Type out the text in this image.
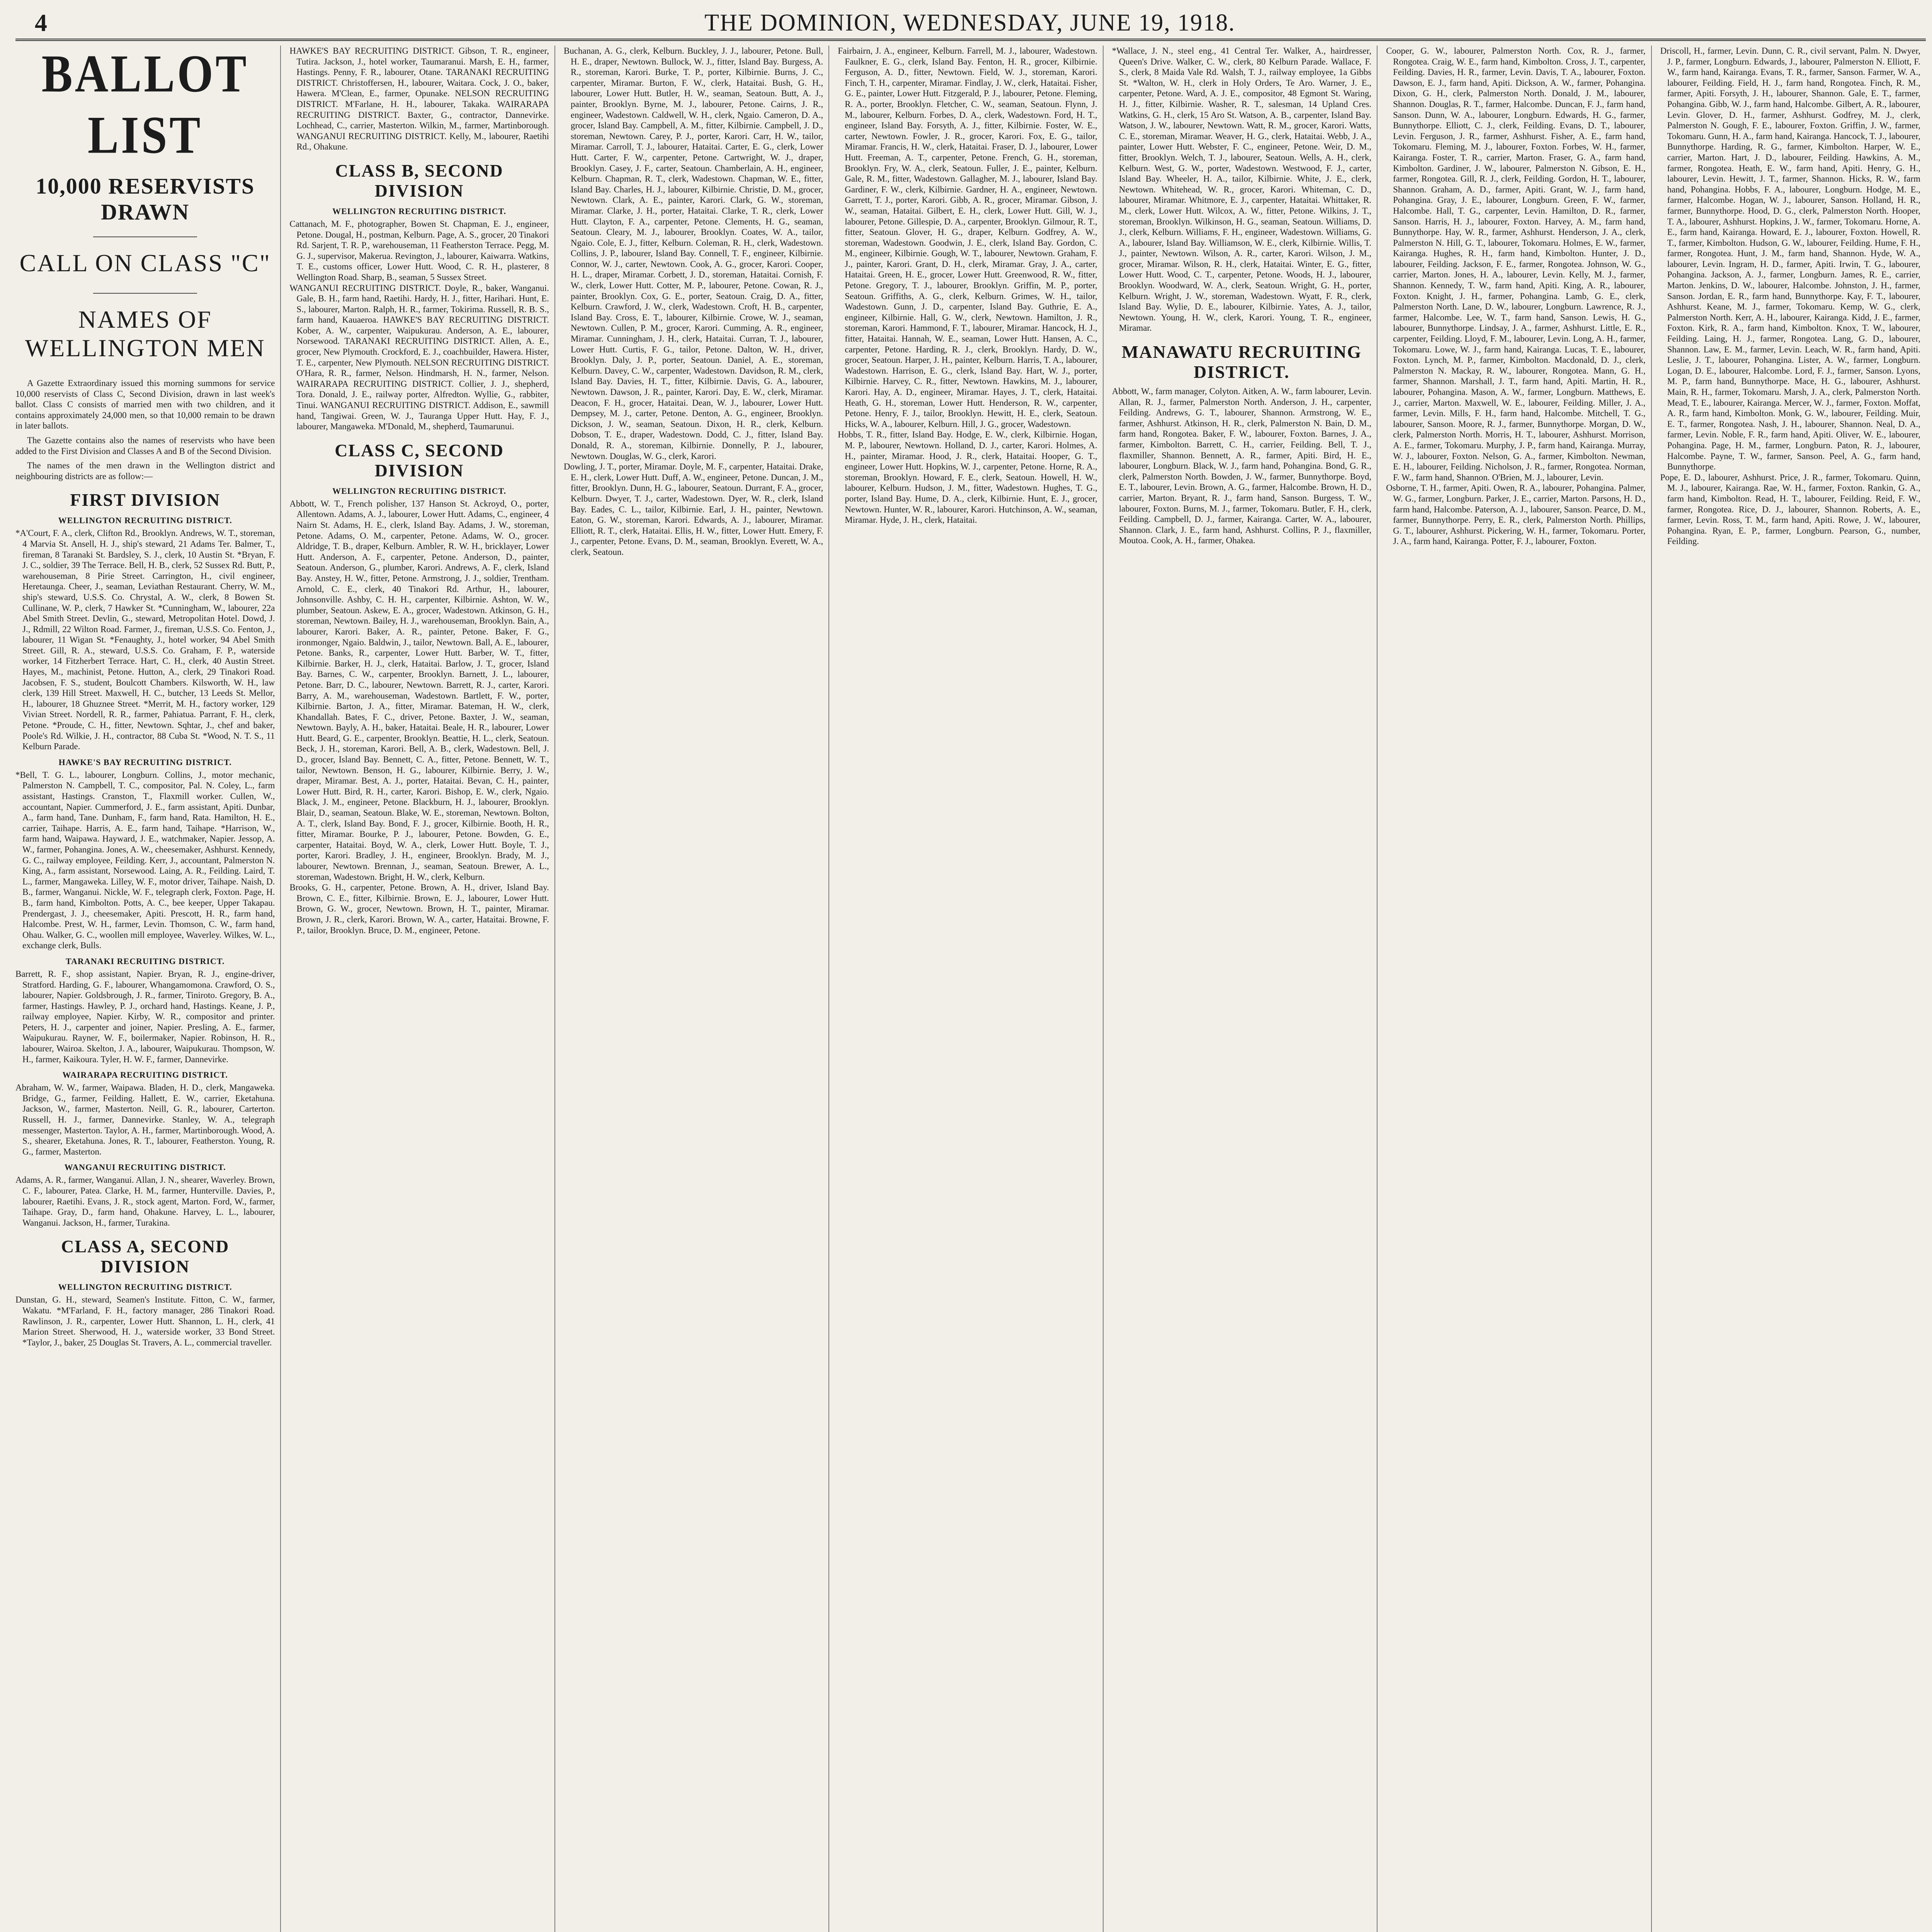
4	THE DOMINION, WEDNESDAY, JUNE 19, 1918.
BALLOT LIST
10,000 RESERVISTS DRAWN
CALL ON CLASS "C"
NAMES OF WELLINGTON MEN

A Gazette Extraordinary issued this morning summons for service 10,000 reservists of Class C, Second Division, drawn in last week's ballot. Class C consists of married men with two children, and it contains approximately 24,000 men, so that 10,000 remain to be drawn in later ballots.

The Gazette contains also the names of reservists who have been added to the First Division and Classes A and B of the Second Division.

The names of the men drawn in the Wellington district and neighbouring districts are as follow:—

FIRST DIVISION
WELLINGTON RECRUITING DISTRICT.

*A'Court, F. A., clerk, Clifton Rd., Brooklyn. Andrews, W. T., storeman, 4 Marvia St. Ansell, H. J., ship's steward, 21 Adams Ter. Balmer, T., fireman, 8 Taranaki St. Bardsley, S. J., clerk, 10 Austin St. *Bryan, F. J. C., soldier, 39 The Terrace. Bell, H. B., clerk, 52 Sussex Rd. Butt, P., warehouseman, 8 Pirie Street. Carrington, H., civil engineer, Heretaunga. Cheer, J., seaman, Leviathan Restaurant. Cherry, W. M., ship's steward, U.S.S. Co. Chrystal, A. W., clerk, 8 Bowen St. Cullinane, W. P., clerk, 7 Hawker St. *Cunningham, W., labourer, 22a Abel Smith Street. Devlin, G., steward, Metropolitan Hotel. Dowd, J. J., Rdmill, 22 Wilton Road. Farmer, J., fireman, U.S.S. Co. Fenton, J., labourer, 11 Wigan St. *Fenaughty, J., hotel worker, 94 Abel Smith Street. Gill, R. A., steward, U.S.S. Co. Graham, F. P., waterside worker, 14 Fitzherbert Terrace. Hart, C. H., clerk, 40 Austin Street. Hayes, M., machinist, Petone. Hutton, A., clerk, 29 Tinakori Road. Jacobsen, F. S., student, Boulcott Chambers. Kilsworth, W. H., law clerk, 139 Hill Street. Maxwell, H. C., butcher, 13 Leeds St. Mellor, H., labourer, 18 Ghuznee Street. *Merrit, M. H., factory worker, 129 Vivian Street. Nordell, R. R., farmer, Pahiatua. Parrant, F. H., clerk, Petone. *Proude, C. H., fitter, Newtown. Sqhtar, J., chef and baker, Poole's Rd. Wilkie, J. H., contractor, 88 Cuba St. *Wood, N. T. S., 11 Kelburn Parade.

HAWKE'S BAY RECRUITING DISTRICT.

*Bell, T. G. L., labourer, Longburn. Collins, J., motor mechanic, Palmerston N. Campbell, T. C., compositor, Pal. N. Coley, L., farm assistant, Hastings. Cranston, T., Flaxmill worker. Cullen, W., accountant, Napier. Cummerford, J. E., farm assistant, Apiti. Dunbar, A., farm hand, Tane. Dunham, F., farm hand, Rata. Hamilton, H. E., carrier, Taihape. Harris, A. E., farm hand, Taihape. *Harrison, W., farm hand, Waipawa. Hayward, J. E., watchmaker, Napier. Jessop, A. W., farmer, Pohangina. Jones, A. W., cheesemaker, Ashhurst. Kennedy, G. C., railway employee, Feilding. Kerr, J., accountant, Palmerston N. King, A., farm assistant, Norsewood. Laing, A. R., Feilding. Laird, T. L., farmer, Mangaweka. Lilley, W. F., motor driver, Taihape. Naish, D. B., farmer, Wanganui. Nickle, W. F., telegraph clerk, Foxton. Page, H. B., farm hand, Kimbolton. Potts, A. C., bee keeper, Upper Takapau. Prendergast, J. J., cheesemaker, Apiti. Prescott, H. R., farm hand, Halcombe. Prest, W. H., farmer, Levin. Thomson, C. W., farm hand, Ohau. Walker, G. C., woollen mill employee, Waverley. Wilkes, W. L., exchange clerk, Bulls.

TARANAKI RECRUITING DISTRICT.

Barrett, R. F., shop assistant, Napier. Bryan, R. J., engine-driver, Stratford. Harding, G. F., labourer, Whangamomona. Crawford, O. S., labourer, Napier. Goldsbrough, J. R., farmer, Tiniroto. Gregory, B. A., farmer, Hastings. Hawley, P. J., orchard hand, Hastings. Keane, J. P., railway employee, Napier. Kirby, W. R., compositor and printer. Peters, H. J., carpenter and joiner, Napier. Presling, A. E., farmer, Waipukurau. Rayner, W. F., boilermaker, Napier. Robinson, H. R., labourer, Wairoa. Skelton, J. A., labourer, Waipukurau. Thompson, W. H., farmer, Kaikoura. Tyler, H. W. F., farmer, Dannevirke.

WAIRARAPA RECRUITING DISTRICT.

Abraham, W. W., farmer, Waipawa. Bladen, H. D., clerk, Mangaweka. Bridge, G., farmer, Feilding. Hallett, E. W., carrier, Eketahuna. Jackson, W., farmer, Masterton. Neill, G. R., labourer, Carterton. Russell, H. J., farmer, Dannevirke. Stanley, W. A., telegraph messenger, Masterton. Taylor, A. H., farmer, Martinborough. Wood, A. S., shearer, Eketahuna. Jones, R. T., labourer, Featherston. Young, R. G., farmer, Masterton.

WANGANUI RECRUITING DISTRICT.

Adams, A. R., farmer, Wanganui. Allan, J. N., shearer, Waverley. Brown, C. F., labourer, Patea. Clarke, H. M., farmer, Hunterville. Davies, P., labourer, Raetihi. Evans, J. R., stock agent, Marton. Ford, W., farmer, Taihape. Gray, D., farm hand, Ohakune. Harvey, L. L., labourer, Wanganui. Jackson, H., farmer, Turakina.

CLASS A, SECOND DIVISION
WELLINGTON RECRUITING DISTRICT.

Dunstan, G. H., steward, Seamen's Institute. Fitton, C. W., farmer, Wakatu. *M'Farland, F. H., factory manager, 286 Tinakori Road. Rawlinson, J. R., carpenter, Lower Hutt. Shannon, L. H., clerk, 41 Marion Street. Sherwood, H. J., waterside worker, 33 Bond Street. *Taylor, J., baker, 25 Douglas St. Travers, A. L., commercial traveller.

HAWKE'S BAY RECRUITING DISTRICT. Gibson, T. R., engineer, Tutira. Jackson, J., hotel worker, Taumaranui. Marsh, E. H., farmer, Hastings. Penny, F. R., labourer, Otane. TARANAKI RECRUITING DISTRICT. Christoffersen, H., labourer, Waitara. Cock, J. O., baker, Hawera. M'Clean, E., farmer, Opunake. NELSON RECRUITING DISTRICT. M'Farlane, H. H., labourer, Takaka. WAIRARAPA RECRUITING DISTRICT. Baxter, G., contractor, Dannevirke. Lochhead, C., carrier, Masterton. Wilkin, M., farmer, Martinborough. WANGANUI RECRUITING DISTRICT. Kelly, M., labourer, Raetihi Rd., Ohakune.

CLASS B, SECOND DIVISION
WELLINGTON RECRUITING DISTRICT.

Cattanach, M. F., photographer, Bowen St. Chapman, E. J., engineer, Petone. Dougal, H., postman, Kelburn. Page, A. S., grocer, 20 Tinakori Rd. Sarjent, T. R. P., warehouseman, 11 Featherston Terrace. Pegg, M. G. J., supervisor, Makerua. Revington, J., labourer, Kaiwarra. Watkins, T. E., customs officer, Lower Hutt. Wood, C. R. H., plasterer, 8 Wellington Road. Sharp, B., seaman, 5 Sussex Street.

WANGANUI RECRUITING DISTRICT. Doyle, R., baker, Wanganui. Gale, B. H., farm hand, Raetihi. Hardy, H. J., fitter, Harihari. Hunt, E. S., labourer, Marton. Ralph, H. R., farmer, Tokirima. Russell, R. B. S., farm hand, Kauaeroa. HAWKE'S BAY RECRUITING DISTRICT. Kober, A. W., carpenter, Waipukurau. Anderson, A. E., labourer, Norsewood. TARANAKI RECRUITING DISTRICT. Allen, A. E., grocer, New Plymouth. Crockford, E. J., coachbuilder, Hawera. Hister, T. E., carpenter, New Plymouth. NELSON RECRUITING DISTRICT. O'Hara, R. R., farmer, Nelson. Hindmarsh, H. N., farmer, Nelson. WAIRARAPA RECRUITING DISTRICT. Collier, J. J., shepherd, Tora. Donald, J. E., railway porter, Alfredton. Wyllie, G., rabbiter, Tinui. WANGANUI RECRUITING DISTRICT. Addison, E., sawmill hand, Tangiwai. Green, W. J., Tauranga Upper Hutt. Hay, F. J., labourer, Mangaweka. M'Donald, M., shepherd, Taumarunui.

CLASS C, SECOND DIVISION
WELLINGTON RECRUITING DISTRICT.

Abbott, W. T., French polisher, 137 Hanson St. Ackroyd, O., porter, Allentown. Adams, A. J., labourer, Lower Hutt. Adams, C., engineer, 4 Nairn St. Adams, H. E., clerk, Island Bay. Adams, J. W., storeman, Petone. Adams, O. M., carpenter, Petone. Adams, W. O., grocer. Aldridge, T. B., draper, Kelburn. Ambler, R. W. H., bricklayer, Lower Hutt. Anderson, A. F., carpenter, Petone. Anderson, D., painter, Seatoun. Anderson, G., plumber, Karori. Andrews, A. F., clerk, Island Bay. Anstey, H. W., fitter, Petone. Armstrong, J. J., soldier, Trentham. Arnold, C. E., clerk, 40 Tinakori Rd. Arthur, H., labourer, Johnsonville. Ashby, C. H. H., carpenter, Kilbirnie. Ashton, W. W., plumber, Seatoun. Askew, E. A., grocer, Wadestown. Atkinson, G. H., storeman, Newtown. Bailey, H. J., warehouseman, Brooklyn. Bain, A., labourer, Karori. Baker, A. R., painter, Petone. Baker, F. G., ironmonger, Ngaio. Baldwin, J., tailor, Newtown. Ball, A. E., labourer, Petone. Banks, R., carpenter, Lower Hutt. Barber, W. T., fitter, Kilbirnie. Barker, H. J., clerk, Hataitai. Barlow, J. T., grocer, Island Bay. Barnes, C. W., carpenter, Brooklyn. Barnett, J. L., labourer, Petone. Barr, D. C., labourer, Newtown. Barrett, R. J., carter, Karori. Barry, A. M., warehouseman, Wadestown. Bartlett, F. W., porter, Kilbirnie. Barton, J. A., fitter, Miramar. Bateman, H. W., clerk, Khandallah. Bates, F. C., driver, Petone. Baxter, J. W., seaman, Newtown. Bayly, A. H., baker, Hataitai. Beale, H. R., labourer, Lower Hutt. Beard, G. E., carpenter, Brooklyn. Beattie, H. L., clerk, Seatoun. Beck, J. H., storeman, Karori. Bell, A. B., clerk, Wadestown. Bell, J. D., grocer, Island Bay. Bennett, C. A., fitter, Petone. Bennett, W. T., tailor, Newtown. Benson, H. G., labourer, Kilbirnie. Berry, J. W., draper, Miramar. Best, A. J., porter, Hataitai. Bevan, C. H., painter, Lower Hutt. Bird, R. H., carter, Karori. Bishop, E. W., clerk, Ngaio. Black, J. M., engineer, Petone. Blackburn, H. J., labourer, Brooklyn. Blair, D., seaman, Seatoun. Blake, W. E., storeman, Newtown. Bolton, A. T., clerk, Island Bay. Bond, F. J., grocer, Kilbirnie. Booth, H. R., fitter, Miramar. Bourke, P. J., labourer, Petone. Bowden, G. E., carpenter, Hataitai. Boyd, W. A., clerk, Lower Hutt. Boyle, T. J., porter, Karori. Bradley, J. H., engineer, Brooklyn. Brady, M. J., labourer, Newtown. Brennan, J., seaman, Seatoun. Brewer, A. L., storeman, Wadestown. Bright, H. W., clerk, Kelburn.

Brooks, G. H., carpenter, Petone. Brown, A. H., driver, Island Bay. Brown, C. E., fitter, Kilbirnie. Brown, E. J., labourer, Lower Hutt. Brown, G. W., grocer, Newtown. Brown, H. T., painter, Miramar. Brown, J. R., clerk, Karori. Brown, W. A., carter, Hataitai. Browne, F. P., tailor, Brooklyn. Bruce, D. M., engineer, Petone.

Buchanan, A. G., clerk, Kelburn. Buckley, J. J., labourer, Petone. Bull, H. E., draper, Newtown. Bullock, W. J., fitter, Island Bay. Burgess, A. R., storeman, Karori. Burke, T. P., porter, Kilbirnie. Burns, J. C., carpenter, Miramar. Burton, F. W., clerk, Hataitai. Bush, G. H., labourer, Lower Hutt. Butler, H. W., seaman, Seatoun. Butt, A. J., painter, Brooklyn. Byrne, M. J., labourer, Petone. Cairns, J. R., engineer, Wadestown. Caldwell, W. H., clerk, Ngaio. Cameron, D. A., grocer, Island Bay. Campbell, A. M., fitter, Kilbirnie. Campbell, J. D., storeman, Newtown. Carey, P. J., porter, Karori. Carr, H. W., tailor, Miramar. Carroll, T. J., labourer, Hataitai. Carter, E. G., clerk, Lower Hutt. Carter, F. W., carpenter, Petone. Cartwright, W. J., draper, Brooklyn. Casey, J. F., carter, Seatoun. Chamberlain, A. H., engineer, Kelburn. Chapman, R. T., clerk, Wadestown. Chapman, W. E., fitter, Island Bay. Charles, H. J., labourer, Kilbirnie. Christie, D. M., grocer, Newtown. Clark, A. E., painter, Karori. Clark, G. W., storeman, Miramar. Clarke, J. H., porter, Hataitai. Clarke, T. R., clerk, Lower Hutt. Clayton, F. A., carpenter, Petone. Clements, H. G., seaman, Seatoun. Cleary, M. J., labourer, Brooklyn. Coates, W. A., tailor, Ngaio. Cole, E. J., fitter, Kelburn. Coleman, R. H., clerk, Wadestown. Collins, J. P., labourer, Island Bay. Connell, T. F., engineer, Kilbirnie. Connor, W. J., carter, Newtown. Cook, A. G., grocer, Karori. Cooper, H. L., draper, Miramar. Corbett, J. D., storeman, Hataitai. Cornish, F. W., clerk, Lower Hutt. Cotter, M. P., labourer, Petone. Cowan, R. J., painter, Brooklyn. Cox, G. E., porter, Seatoun. Craig, D. A., fitter, Kelburn. Crawford, J. W., clerk, Wadestown. Croft, H. B., carpenter, Island Bay. Cross, E. T., labourer, Kilbirnie. Crowe, W. J., seaman, Newtown. Cullen, P. M., grocer, Karori. Cumming, A. R., engineer, Miramar. Cunningham, J. H., clerk, Hataitai. Curran, T. J., labourer, Lower Hutt. Curtis, F. G., tailor, Petone. Dalton, W. H., driver, Brooklyn. Daly, J. P., porter, Seatoun. Daniel, A. E., storeman, Kelburn. Davey, C. W., carpenter, Wadestown. Davidson, R. M., clerk, Island Bay. Davies, H. T., fitter, Kilbirnie. Davis, G. A., labourer, Newtown. Dawson, J. R., painter, Karori. Day, E. W., clerk, Miramar. Deacon, F. H., grocer, Hataitai. Dean, W. J., labourer, Lower Hutt. Dempsey, M. J., carter, Petone. Denton, A. G., engineer, Brooklyn. Dickson, J. W., seaman, Seatoun. Dixon, H. R., clerk, Kelburn. Dobson, T. E., draper, Wadestown. Dodd, C. J., fitter, Island Bay. Donald, R. A., storeman, Kilbirnie. Donnelly, P. J., labourer, Newtown. Douglas, W. G., clerk, Karori.

Dowling, J. T., porter, Miramar. Doyle, M. F., carpenter, Hataitai. Drake, E. H., clerk, Lower Hutt. Duff, A. W., engineer, Petone. Duncan, J. M., fitter, Brooklyn. Dunn, H. G., labourer, Seatoun. Durrant, F. A., grocer, Kelburn. Dwyer, T. J., carter, Wadestown. Dyer, W. R., clerk, Island Bay. Eades, C. L., tailor, Kilbirnie. Earl, J. H., painter, Newtown. Eaton, G. W., storeman, Karori. Edwards, A. J., labourer, Miramar. Elliott, R. T., clerk, Hataitai. Ellis, H. W., fitter, Lower Hutt. Emery, F. J., carpenter, Petone. Evans, D. M., seaman, Brooklyn. Everett, W. A., clerk, Seatoun.

Fairbairn, J. A., engineer, Kelburn. Farrell, M. J., labourer, Wadestown. Faulkner, E. G., clerk, Island Bay. Fenton, H. R., grocer, Kilbirnie. Ferguson, A. D., fitter, Newtown. Field, W. J., storeman, Karori. Finch, T. H., carpenter, Miramar. Findlay, J. W., clerk, Hataitai. Fisher, G. E., painter, Lower Hutt. Fitzgerald, P. J., labourer, Petone. Fleming, R. A., porter, Brooklyn. Fletcher, C. W., seaman, Seatoun. Flynn, J. M., labourer, Kelburn. Forbes, D. A., clerk, Wadestown. Ford, H. T., engineer, Island Bay. Forsyth, A. J., fitter, Kilbirnie. Foster, W. E., carter, Newtown. Fowler, J. R., grocer, Karori. Fox, E. G., tailor, Miramar. Francis, H. W., clerk, Hataitai. Fraser, D. J., labourer, Lower Hutt. Freeman, A. T., carpenter, Petone. French, G. H., storeman, Brooklyn. Fry, W. A., clerk, Seatoun. Fuller, J. E., painter, Kelburn. Gale, R. M., fitter, Wadestown. Gallagher, M. J., labourer, Island Bay. Gardiner, F. W., clerk, Kilbirnie. Gardner, H. A., engineer, Newtown. Garrett, T. J., porter, Karori. Gibb, A. R., grocer, Miramar. Gibson, J. W., seaman, Hataitai. Gilbert, E. H., clerk, Lower Hutt. Gill, W. J., labourer, Petone. Gillespie, D. A., carpenter, Brooklyn. Gilmour, R. T., fitter, Seatoun. Glover, H. G., draper, Kelburn. Godfrey, A. W., storeman, Wadestown. Goodwin, J. E., clerk, Island Bay. Gordon, C. M., engineer, Kilbirnie. Gough, W. T., labourer, Newtown. Graham, F. J., painter, Karori. Grant, D. H., clerk, Miramar. Gray, J. A., carter, Hataitai. Green, H. E., grocer, Lower Hutt. Greenwood, R. W., fitter, Petone. Gregory, T. J., labourer, Brooklyn. Griffin, M. P., porter, Seatoun. Griffiths, A. G., clerk, Kelburn. Grimes, W. H., tailor, Wadestown. Gunn, J. D., carpenter, Island Bay. Guthrie, E. A., engineer, Kilbirnie. Hall, G. W., clerk, Newtown. Hamilton, J. R., storeman, Karori. Hammond, F. T., labourer, Miramar. Hancock, H. J., fitter, Hataitai. Hannah, W. E., seaman, Lower Hutt. Hansen, A. C., carpenter, Petone. Harding, R. J., clerk, Brooklyn. Hardy, D. W., grocer, Seatoun. Harper, J. H., painter, Kelburn. Harris, T. A., labourer, Wadestown. Harrison, E. G., clerk, Island Bay. Hart, W. J., porter, Kilbirnie. Harvey, C. R., fitter, Newtown. Hawkins, M. J., labourer, Karori. Hay, A. D., engineer, Miramar. Hayes, J. T., clerk, Hataitai. Heath, G. H., storeman, Lower Hutt. Henderson, R. W., carpenter, Petone. Henry, F. J., tailor, Brooklyn. Hewitt, H. E., clerk, Seatoun. Hicks, W. A., labourer, Kelburn. Hill, J. G., grocer, Wadestown.

Hobbs, T. R., fitter, Island Bay. Hodge, E. W., clerk, Kilbirnie. Hogan, M. P., labourer, Newtown. Holland, D. J., carter, Karori. Holmes, A. H., painter, Miramar. Hood, J. R., clerk, Hataitai. Hooper, G. T., engineer, Lower Hutt. Hopkins, W. J., carpenter, Petone. Horne, R. A., storeman, Brooklyn. Howard, F. E., clerk, Seatoun. Howell, H. W., labourer, Kelburn. Hudson, J. M., fitter, Wadestown. Hughes, T. G., porter, Island Bay. Hume, D. A., clerk, Kilbirnie. Hunt, E. J., grocer, Newtown. Hunter, W. R., labourer, Karori. Hutchinson, A. W., seaman, Miramar. Hyde, J. H., clerk, Hataitai.

*Wallace, J. N., steel eng., 41 Central Ter. Walker, A., hairdresser, Queen's Drive. Walker, C. W., clerk, 80 Kelburn Parade. Wallace, F. S., clerk, 8 Maida Vale Rd. Walsh, T. J., railway employee, 1a Gibbs St. *Walton, W. H., clerk in Holy Orders, Te Aro. Warner, J. E., carpenter, Petone. Ward, A. J. E., compositor, 48 Egmont St. Waring, H. J., fitter, Kilbirnie. Washer, R. T., salesman, 14 Upland Cres. Watkins, G. H., clerk, 15 Aro St. Watson, A. B., carpenter, Island Bay. Watson, J. W., labourer, Newtown. Watt, R. M., grocer, Karori. Watts, C. E., storeman, Miramar. Weaver, H. G., clerk, Hataitai. Webb, J. A., painter, Lower Hutt. Webster, F. C., engineer, Petone. Weir, D. M., fitter, Brooklyn. Welch, T. J., labourer, Seatoun. Wells, A. H., clerk, Kelburn. West, G. W., porter, Wadestown. Westwood, F. J., carter, Island Bay. Wheeler, H. A., tailor, Kilbirnie. White, J. E., clerk, Newtown. Whitehead, W. R., grocer, Karori. Whiteman, C. D., labourer, Miramar. Whitmore, E. J., carpenter, Hataitai. Whittaker, R. M., clerk, Lower Hutt. Wilcox, A. W., fitter, Petone. Wilkins, J. T., storeman, Brooklyn. Wilkinson, H. G., seaman, Seatoun. Williams, D. J., clerk, Kelburn. Williams, F. H., engineer, Wadestown. Williams, G. A., labourer, Island Bay. Williamson, W. E., clerk, Kilbirnie. Willis, T. J., painter, Newtown. Wilson, A. R., carter, Karori. Wilson, J. M., grocer, Miramar. Wilson, R. H., clerk, Hataitai. Winter, E. G., fitter, Lower Hutt. Wood, C. T., carpenter, Petone. Woods, H. J., labourer, Brooklyn. Woodward, W. A., clerk, Seatoun. Wright, G. H., porter, Kelburn. Wright, J. W., storeman, Wadestown. Wyatt, F. R., clerk, Island Bay. Wylie, D. E., labourer, Kilbirnie. Yates, A. J., tailor, Newtown. Young, H. W., clerk, Karori. Young, T. R., engineer, Miramar.

MANAWATU RECRUITING DISTRICT.

Abbott, W., farm manager, Colyton. Aitken, A. W., farm labourer, Levin. Allan, R. J., farmer, Palmerston North. Anderson, J. H., carpenter, Feilding. Andrews, G. T., labourer, Shannon. Armstrong, W. E., farmer, Ashhurst. Atkinson, H. R., clerk, Palmerston N. Bain, D. M., farm hand, Rongotea. Baker, F. W., labourer, Foxton. Barnes, J. A., farmer, Kimbolton. Barrett, C. H., carrier, Feilding. Bell, T. J., flaxmiller, Shannon. Bennett, A. R., farmer, Apiti. Bird, H. E., labourer, Longburn. Black, W. J., farm hand, Pohangina. Bond, G. R., clerk, Palmerston North. Bowden, J. W., farmer, Bunnythorpe. Boyd, E. T., labourer, Levin. Brown, A. G., farmer, Halcombe. Brown, H. D., carrier, Marton. Bryant, R. J., farm hand, Sanson. Burgess, T. W., labourer, Foxton. Burns, M. J., farmer, Tokomaru. Butler, F. H., clerk, Feilding. Campbell, D. J., farmer, Kairanga. Carter, W. A., labourer, Shannon. Clark, J. E., farm hand, Ashhurst. Collins, P. J., flaxmiller, Moutoa. Cook, A. H., farmer, Ohakea.

Cooper, G. W., labourer, Palmerston North. Cox, R. J., farmer, Rongotea. Craig, W. E., farm hand, Kimbolton. Cross, J. T., carpenter, Feilding. Davies, H. R., farmer, Levin. Davis, T. A., labourer, Foxton. Dawson, E. J., farm hand, Apiti. Dickson, A. W., farmer, Pohangina. Dixon, G. H., clerk, Palmerston North. Donald, J. M., labourer, Shannon. Douglas, R. T., farmer, Halcombe. Duncan, F. J., farm hand, Sanson. Dunn, W. A., labourer, Longburn. Edwards, H. G., farmer, Bunnythorpe. Elliott, C. J., clerk, Feilding. Evans, D. T., labourer, Levin. Ferguson, J. R., farmer, Ashhurst. Fisher, A. E., farm hand, Tokomaru. Fleming, M. J., labourer, Foxton. Forbes, W. H., farmer, Kairanga. Foster, T. R., carrier, Marton. Fraser, G. A., farm hand, Kimbolton. Gardiner, J. W., labourer, Palmerston N. Gibson, E. H., farmer, Rongotea. Gill, R. J., clerk, Feilding. Gordon, H. T., labourer, Shannon. Graham, A. D., farmer, Apiti. Grant, W. J., farm hand, Pohangina. Gray, J. E., labourer, Longburn. Green, F. W., farmer, Halcombe. Hall, T. G., carpenter, Levin. Hamilton, D. R., farmer, Sanson. Harris, H. J., labourer, Foxton. Harvey, A. M., farm hand, Bunnythorpe. Hay, W. R., farmer, Ashhurst. Henderson, J. A., clerk, Palmerston N. Hill, G. T., labourer, Tokomaru. Holmes, E. W., farmer, Kairanga. Hughes, R. H., farm hand, Kimbolton. Hunter, J. D., labourer, Feilding. Jackson, F. E., farmer, Rongotea. Johnson, W. G., carrier, Marton. Jones, H. A., labourer, Levin. Kelly, M. J., farmer, Shannon. Kennedy, T. W., farm hand, Apiti. King, A. R., labourer, Foxton. Knight, J. H., farmer, Pohangina. Lamb, G. E., clerk, Palmerston North. Lane, D. W., labourer, Longburn. Lawrence, R. J., farmer, Halcombe. Lee, W. T., farm hand, Sanson. Lewis, H. G., labourer, Bunnythorpe. Lindsay, J. A., farmer, Ashhurst. Little, E. R., carpenter, Feilding. Lloyd, F. M., labourer, Levin. Long, A. H., farmer, Tokomaru. Lowe, W. J., farm hand, Kairanga. Lucas, T. E., labourer, Foxton. Lynch, M. P., farmer, Kimbolton. Macdonald, D. J., clerk, Palmerston N. Mackay, R. W., labourer, Rongotea. Mann, G. H., farmer, Shannon. Marshall, J. T., farm hand, Apiti. Martin, H. R., labourer, Pohangina. Mason, A. W., farmer, Longburn. Matthews, E. J., carrier, Marton. Maxwell, W. E., labourer, Feilding. Miller, J. A., farmer, Levin. Mills, F. H., farm hand, Halcombe. Mitchell, T. G., labourer, Sanson. Moore, R. J., farmer, Bunnythorpe. Morgan, D. W., clerk, Palmerston North. Morris, H. T., labourer, Ashhurst. Morrison, A. E., farmer, Tokomaru. Murphy, J. P., farm hand, Kairanga. Murray, W. J., labourer, Foxton. Nelson, G. A., farmer, Kimbolton. Newman, E. H., labourer, Feilding. Nicholson, J. R., farmer, Rongotea. Norman, F. W., farm hand, Shannon. O'Brien, M. J., labourer, Levin.

Osborne, T. H., farmer, Apiti. Owen, R. A., labourer, Pohangina. Palmer, W. G., farmer, Longburn. Parker, J. E., carrier, Marton. Parsons, H. D., farm hand, Halcombe. Paterson, A. J., labourer, Sanson. Pearce, D. M., farmer, Bunnythorpe. Perry, E. R., clerk, Palmerston North. Phillips, G. T., labourer, Ashhurst. Pickering, W. H., farmer, Tokomaru. Porter, J. A., farm hand, Kairanga. Potter, F. J., labourer, Foxton.

Driscoll, H., farmer, Levin. Dunn, C. R., civil servant, Palm. N. Dwyer, J. P., farmer, Longburn. Edwards, J., labourer, Palmerston N. Elliott, F. W., farm hand, Kairanga. Evans, T. R., farmer, Sanson. Farmer, W. A., labourer, Feilding. Field, H. J., farm hand, Rongotea. Finch, R. M., farmer, Apiti. Forsyth, J. H., labourer, Shannon. Gale, E. T., farmer, Pohangina. Gibb, W. J., farm hand, Halcombe. Gilbert, A. R., labourer, Levin. Glover, D. H., farmer, Ashhurst. Godfrey, M. J., clerk, Palmerston N. Gough, F. E., labourer, Foxton. Griffin, J. W., farmer, Tokomaru. Gunn, H. A., farm hand, Kairanga. Hancock, T. J., labourer, Bunnythorpe. Harding, R. G., farmer, Kimbolton. Harper, W. E., carrier, Marton. Hart, J. D., labourer, Feilding. Hawkins, A. M., farmer, Rongotea. Heath, E. W., farm hand, Apiti. Henry, G. H., labourer, Levin. Hewitt, J. T., farmer, Shannon. Hicks, R. W., farm hand, Pohangina. Hobbs, F. A., labourer, Longburn. Hodge, M. E., farmer, Halcombe. Hogan, W. J., labourer, Sanson. Holland, H. R., farmer, Bunnythorpe. Hood, D. G., clerk, Palmerston North. Hooper, T. A., labourer, Ashhurst. Hopkins, J. W., farmer, Tokomaru. Horne, A. E., farm hand, Kairanga. Howard, E. J., labourer, Foxton. Howell, R. T., farmer, Kimbolton. Hudson, G. W., labourer, Feilding. Hume, F. H., farmer, Rongotea. Hunt, J. M., farm hand, Shannon. Hyde, W. A., labourer, Levin. Ingram, H. D., farmer, Apiti. Irwin, T. G., labourer, Pohangina. Jackson, A. J., farmer, Longburn. James, R. E., carrier, Marton. Jenkins, D. W., labourer, Halcombe. Johnston, J. H., farmer, Sanson. Jordan, E. R., farm hand, Bunnythorpe. Kay, F. T., labourer, Ashhurst. Keane, M. J., farmer, Tokomaru. Kemp, W. G., clerk, Palmerston North. Kerr, A. H., labourer, Kairanga. Kidd, J. E., farmer, Foxton. Kirk, R. A., farm hand, Kimbolton. Knox, T. W., labourer, Feilding. Laing, H. J., farmer, Rongotea. Lang, G. D., labourer, Shannon. Law, E. M., farmer, Levin. Leach, W. R., farm hand, Apiti. Leslie, J. T., labourer, Pohangina. Lister, A. W., farmer, Longburn. Logan, D. E., labourer, Halcombe. Lord, F. J., farmer, Sanson. Lyons, M. P., farm hand, Bunnythorpe. Mace, H. G., labourer, Ashhurst. Main, R. H., farmer, Tokomaru. Marsh, J. A., clerk, Palmerston North. Mead, T. E., labourer, Kairanga. Mercer, W. J., farmer, Foxton. Moffat, A. R., farm hand, Kimbolton. Monk, G. W., labourer, Feilding. Muir, E. T., farmer, Rongotea. Nash, J. H., labourer, Shannon. Neal, D. A., farmer, Levin. Noble, F. R., farm hand, Apiti. Oliver, W. E., labourer, Pohangina. Page, H. M., farmer, Longburn. Paton, R. J., labourer, Halcombe. Payne, T. W., farmer, Sanson. Peel, A. G., farm hand, Bunnythorpe.

Pope, E. D., labourer, Ashhurst. Price, J. R., farmer, Tokomaru. Quinn, M. J., labourer, Kairanga. Rae, W. H., farmer, Foxton. Rankin, G. A., farm hand, Kimbolton. Read, H. T., labourer, Feilding. Reid, F. W., farmer, Rongotea. Rice, D. J., labourer, Shannon. Roberts, A. E., farmer, Levin. Ross, T. M., farm hand, Apiti. Rowe, J. W., labourer, Pohangina. Ryan, E. P., farmer, Longburn. Pearson, G., number, Feilding.
